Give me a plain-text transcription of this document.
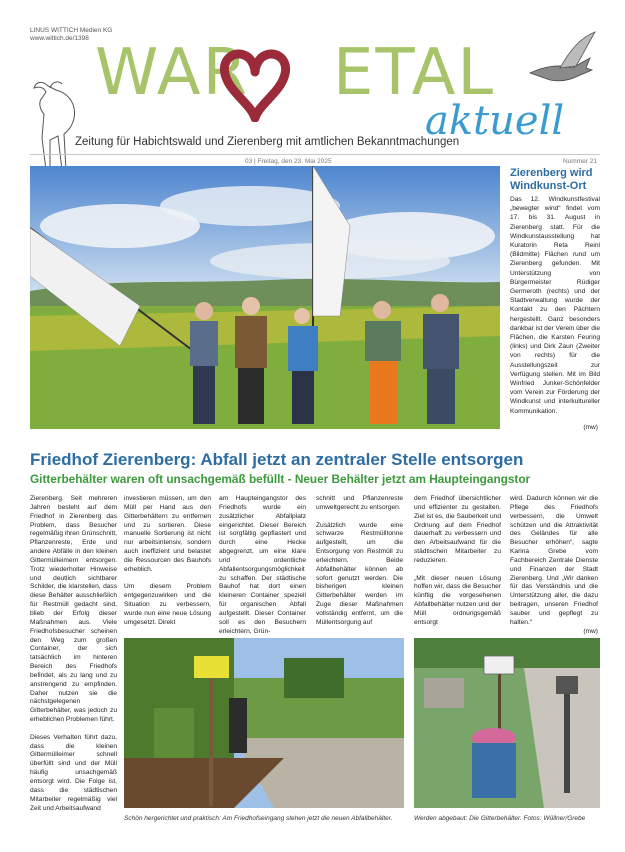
LINUS WITTICH Medien KG
www.wittich.de/1398 WAR ETAL
aktuell
Zeitung für Habichtswald und Zierenberg mit amtlichen Bekanntmachungen
03 | Freitag, den 23. Mai 2025	Nummer 21
Zierenberg wird Windkunst-Ort
Das 12. Windkunstfestival „bewegter wind“ findet vom 17. bis 31. August in Zierenberg statt. Für die Windkunstausstellung hat Kuratorin Reta Reinl (Bildmitte) Flächen rund um Zierenberg gefunden. Mit Unterstützung von Bürgermeister Rüdiger Germeroth (rechts) und der Stadtverwaltung wurde der Kontakt zu den Pächtern hergestellt. Ganz besonders dankbar ist der Verein über die Flächen, die Karsten Feuring (links) und Dirk Zaun (Zweiter von rechts) für die Ausstellungszeit zur Verfügung stellen. Mit im Bild Winfried Junker-Schönfelder vom Verein zur Förderung der Windkunst und interkultureller Kommunikation.
(mw)
Friedhof Zierenberg: Abfall jetzt an zentraler Stelle entsorgen
Gitterbehälter waren oft unsachgemäß befüllt - Neuer Behälter jetzt am Haupteingangstor

Zierenberg. Seit mehreren Jahren besteht auf dem Friedhof in Zierenberg das Problem, dass Besucher regelmäßig ihren Grünschnitt, Pflanzenreste, Erde und andere Abfälle in den kleinen Gittermülleimern entsorgen. Trotz wiederholter Hinweise und deutlich sichtbarer Schilder, die klarstellen, dass diese Behälter ausschließlich für Restmüll gedacht sind, blieb der Erfolg dieser Maßnahmen aus. Viele Friedhofsbesucher scheinen den Weg zum großen Container, der sich tatsächlich im hinteren Bereich des Friedhofs befindet, als zu lang und zu anstrengend zu empfinden. Daher nutzen sie die nächstgelegenen Gitterbehälter, was jedoch zu erheblichen Problemen führt.

Dieses Verhalten führt dazu, dass die kleinen Gittermülleimer schnell überfüllt sind und der Müll häufig unsachgemäß entsorgt wird. Die Folge ist, dass die städtischen Mitarbeiter regelmäßig viel Zeit und Arbeitsaufwand

investieren müssen, um den Müll per Hand aus den Gitterbehältern zu entfernen und zu sortieren. Diese manuelle Sortierung ist nicht nur arbeitsintensiv, sondern auch ineffizient und belastet die Ressourcen des Bauhofs erheblich.

Um diesem Problem entgegenzuwirken und die Situation zu verbessern, wurde nun eine neue Lösung umgesetzt. Direkt

am Haupteingangstor des Friedhofs wurde ein zusätzlicher Abfallplatz eingerichtet. Dieser Bereich ist sorgfältig gepflastert und durch eine Hecke abgegrenzt, um eine klare und ordentliche Abfallentsorgungsmöglichkeit zu schaffen. Der städtische Bauhof hat dort einen kleineren Container speziell für organischen Abfall aufgestellt. Dieser Container soll es den Besuchern erleichtern, Grün-

schnitt und Pflanzenreste umweltgerecht zu entsorgen.

Zusätzlich wurde eine schwarze Restmülltonne aufgestellt, um die Entsorgung von Restmüll zu erleichtern. Beide Abfallbehälter können ab sofort genutzt werden. Die bisherigen kleinen Gitterbehälter werden im Zuge dieser Maßnahmen vollständig entfernt, um die Müllentsorgung auf

dem Friedhof übersichtlicher und effizienter zu gestalten. Ziel ist es, die Sauberkeit und Ordnung auf dem Friedhof dauerhaft zu verbessern und den Arbeitsaufwand für die städtischen Mitarbeiter zu reduzieren.

„Mit dieser neuen Lösung hoffen wir, dass die Besucher künftig die vorgesehenen Abfallbehälter nutzen und der Müll ordnungsgemäß entsorgt

wird. Dadurch können wir die Pflege des Friedhofs verbessern, die Umwelt schützen und die Attraktivität des Geländes für alle Besucher erhöhen“, sagte Karina Grebe vom Fachbereich Zentrale Dienste und Finanzen der Stadt Zierenberg. Und „Wir danken für das Verständnis und die Unterstützung aller, die dazu beitragen, unseren Friedhof sauber und gepflegt zu halten.“

(mw)
Schön hergerichtet und praktisch: Am Friedhofseingang stehen jetzt die neuen Abfallbehälter.	Werden abgebaut: Die Gitterbehälter. Fotos: Wüllner/Grebe
